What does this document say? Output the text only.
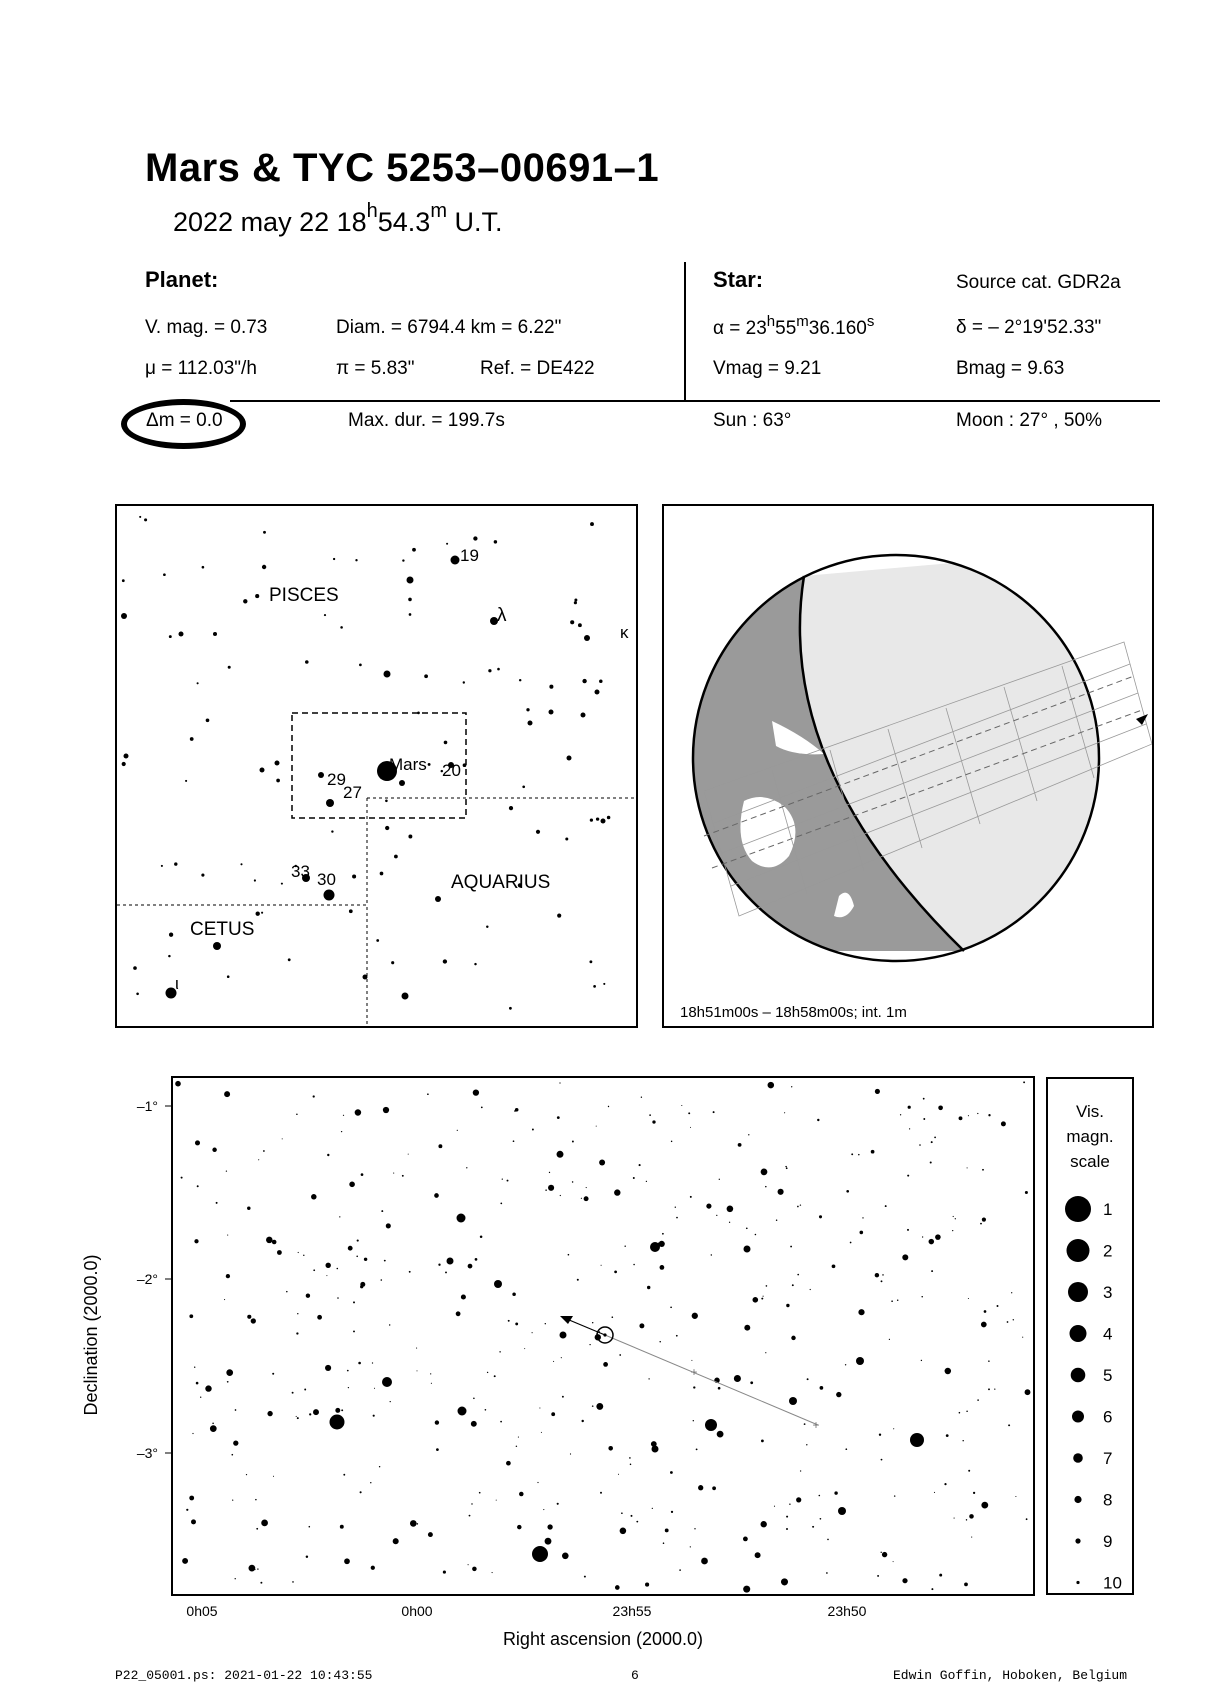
Mars & TYC 5253–00691–1
2022 may 22 18$^h$54.3$^m$ U.T.
Planet:
V. mag. = 0.73	Diam. = 6794.4 km = 6.22"
μ = 112.03"/h	π = 5.83"	Ref. = DE422
Δm = 0.0	Max. dur. = 199.7s
Star:	Source cat. GDR2a
$\alpha = 23^h55^m36.160^s$	δ = – 2°19'52.33"
Vmag = 9.21	Bmag = 9.63
Sun : 63°	Moon : 27° , 50%
Mars
PISCES
AQUARIUS
CETUS
19
20
27
29
30
33
λ
κ
ι
18h51m00s – 18h58m00s; int. 1m
+
+
–1°
–2°
–3°
0h05	0h00	23h55	23h50
Right ascension (2000.0)
Declination (2000.0)
Vis.
magn.
scale
1
2
3
4
5
6
7
8
9
10
P22_05001.ps: 2021-01-22 10:43:55	6	Edwin Goffin, Hoboken, Belgium
